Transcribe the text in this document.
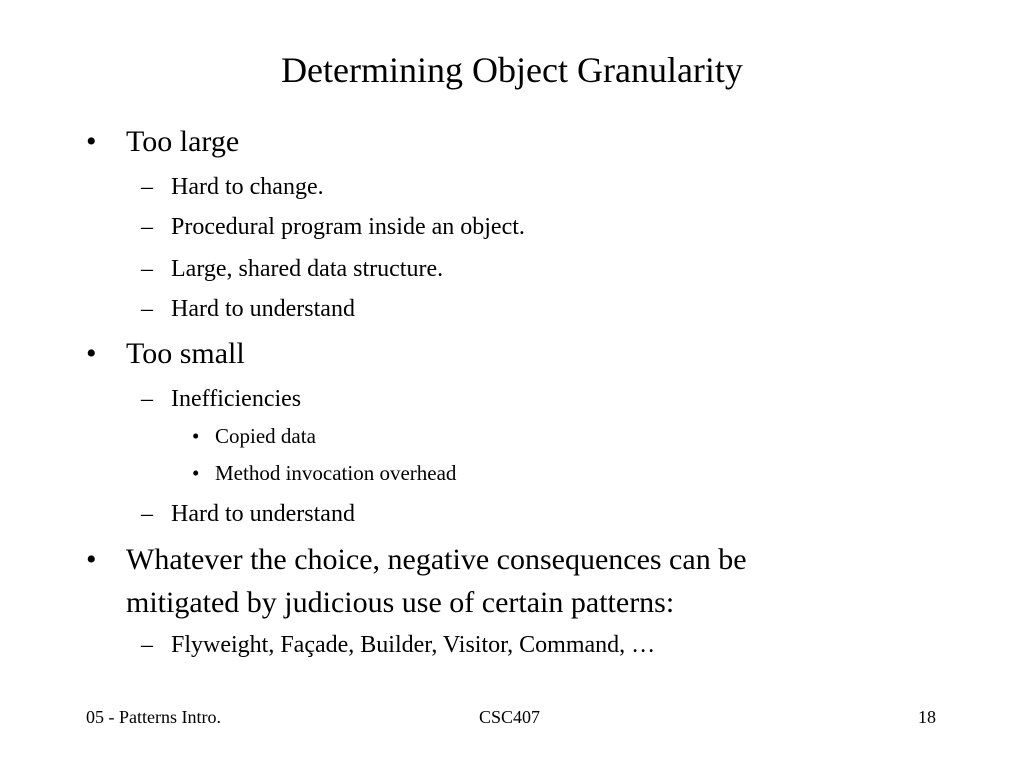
Determining Object Granularity
• Too large
– Hard to change.
– Procedural program inside an object.
– Large, shared data structure.
– Hard to understand
• Too small
– Inefficiencies
• Copied data
• Method invocation overhead
– Hard to understand
• Whatever the choice, negative consequences can be
mitigated by judicious use of certain patterns:
– Flyweight, Façade, Builder, Visitor, Command, …
05 - Patterns Intro.	CSC407	18
